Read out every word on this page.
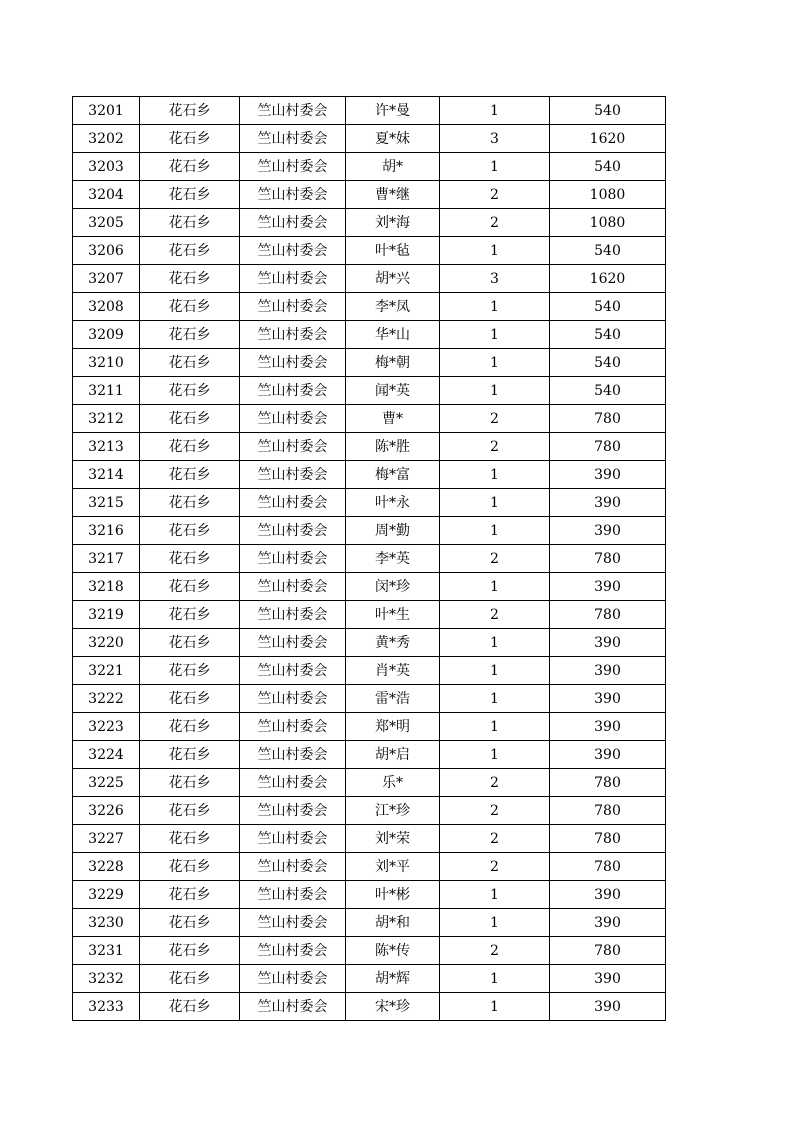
3201	花石乡	竺山村委会	许*曼	1	540
3202	花石乡	竺山村委会	夏*妹	3	1620
3203	花石乡	竺山村委会	胡*	1	540
3204	花石乡	竺山村委会	曹*继	2	1080
3205	花石乡	竺山村委会	刘*海	2	1080
3206	花石乡	竺山村委会	叶*毡	1	540
3207	花石乡	竺山村委会	胡*兴	3	1620
3208	花石乡	竺山村委会	李*凤	1	540
3209	花石乡	竺山村委会	华*山	1	540
3210	花石乡	竺山村委会	梅*朝	1	540
3211	花石乡	竺山村委会	闻*英	1	540
3212	花石乡	竺山村委会	曹*	2	780
3213	花石乡	竺山村委会	陈*胜	2	780
3214	花石乡	竺山村委会	梅*富	1	390
3215	花石乡	竺山村委会	叶*永	1	390
3216	花石乡	竺山村委会	周*勤	1	390
3217	花石乡	竺山村委会	李*英	2	780
3218	花石乡	竺山村委会	闵*珍	1	390
3219	花石乡	竺山村委会	叶*生	2	780
3220	花石乡	竺山村委会	黄*秀	1	390
3221	花石乡	竺山村委会	肖*英	1	390
3222	花石乡	竺山村委会	雷*浩	1	390
3223	花石乡	竺山村委会	郑*明	1	390
3224	花石乡	竺山村委会	胡*启	1	390
3225	花石乡	竺山村委会	乐*	2	780
3226	花石乡	竺山村委会	江*珍	2	780
3227	花石乡	竺山村委会	刘*荣	2	780
3228	花石乡	竺山村委会	刘*平	2	780
3229	花石乡	竺山村委会	叶*彬	1	390
3230	花石乡	竺山村委会	胡*和	1	390
3231	花石乡	竺山村委会	陈*传	2	780
3232	花石乡	竺山村委会	胡*辉	1	390
3233	花石乡	竺山村委会	宋*珍	1	390
